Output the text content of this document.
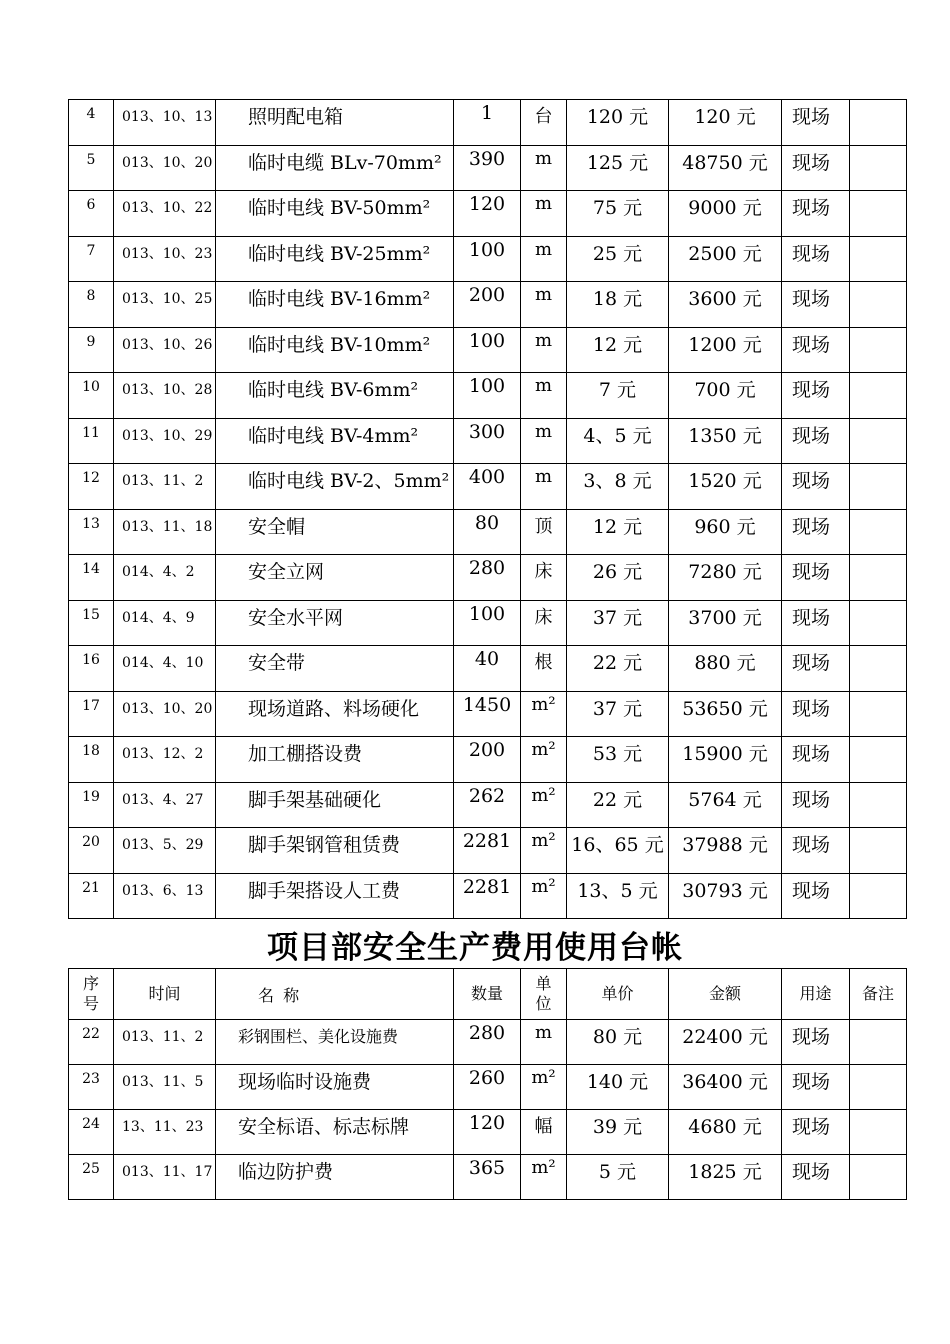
4	013、10、13	照明配电箱	1	台	120 元	120 元	现场	
5	013、10、20	临时电缆 BLv-70mm²	390	m	125 元	48750 元	现场	
6	013、10、22	临时电线 BV-50mm²	120	m	75 元	9000 元	现场	
7	013、10、23	临时电线 BV-25mm²	100	m	25 元	2500 元	现场	
8	013、10、25	临时电线 BV-16mm²	200	m	18 元	3600 元	现场	
9	013、10、26	临时电线 BV-10mm²	100	m	12 元	1200 元	现场	
10	013、10、28	临时电线 BV-6mm²	100	m	7 元	700 元	现场	
11	013、10、29	临时电线 BV-4mm²	300	m	4、5 元	1350 元	现场	
12	013、11、2	临时电线 BV-2、5mm²	400	m	3、8 元	1520 元	现场	
13	013、11、18	安全帽	80	顶	12 元	960 元	现场	
14	014、4、2	安全立网	280	床	26 元	7280 元	现场	
15	014、4、9	安全水平网	100	床	37 元	3700 元	现场	
16	014、4、10	安全带	40	根	22 元	880 元	现场	
17	013、10、20	现场道路、料场硬化	1450	m²	37 元	53650 元	现场	
18	013、12、2	加工棚搭设费	200	m²	53 元	15900 元	现场	
19	013、4、27	脚手架基础硬化	262	m²	22 元	5764 元	现场	
20	013、5、29	脚手架钢管租赁费	2281	m²	16、65 元	37988 元	现场	
21	013、6、13	脚手架搭设人工费	2281	m²	13、5 元	30793 元	现场	
项目部安全生产费用使用台帐
序号	时间	名 称	数量	单位	单价	金额	用途	备注
22	013、11、2	彩钢围栏、美化设施费	280	m	80 元	22400 元	现场	
23	013、11、5	现场临时设施费	260	m²	140 元	36400 元	现场	
24	13、11、23	安全标语、标志标牌	120	幅	39 元	4680 元	现场	
25	013、11、17	临边防护费	365	m²	5 元	1825 元	现场	
